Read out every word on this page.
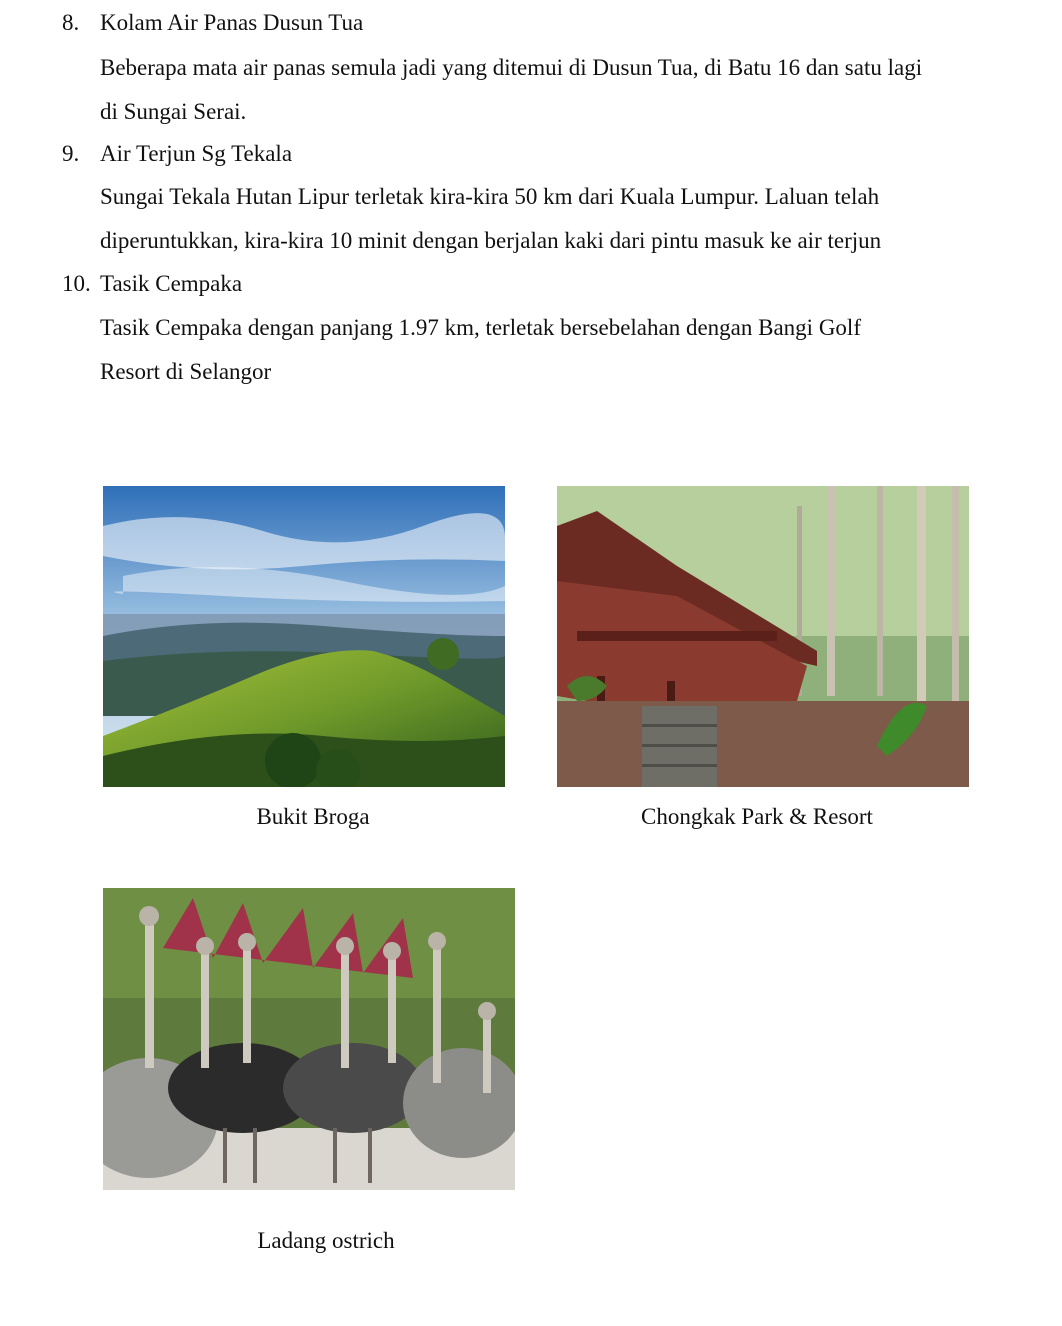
8. Kolam Air Panas Dusun Tua
Beberapa mata air panas semula jadi yang ditemui di Dusun Tua, di Batu 16 dan satu lagi
di Sungai Serai.
9. Air Terjun Sg Tekala
Sungai Tekala Hutan Lipur terletak kira-kira 50 km dari Kuala Lumpur. Laluan telah
diperuntukkan, kira-kira 10 minit dengan berjalan kaki dari pintu masuk ke air terjun
10. Tasik Cempaka
Tasik Cempaka dengan panjang 1.97 km, terletak bersebelahan dengan Bangi Golf
Resort di Selangor
Bukit Broga	Chongkak Park & Resort
Ladang ostrich
